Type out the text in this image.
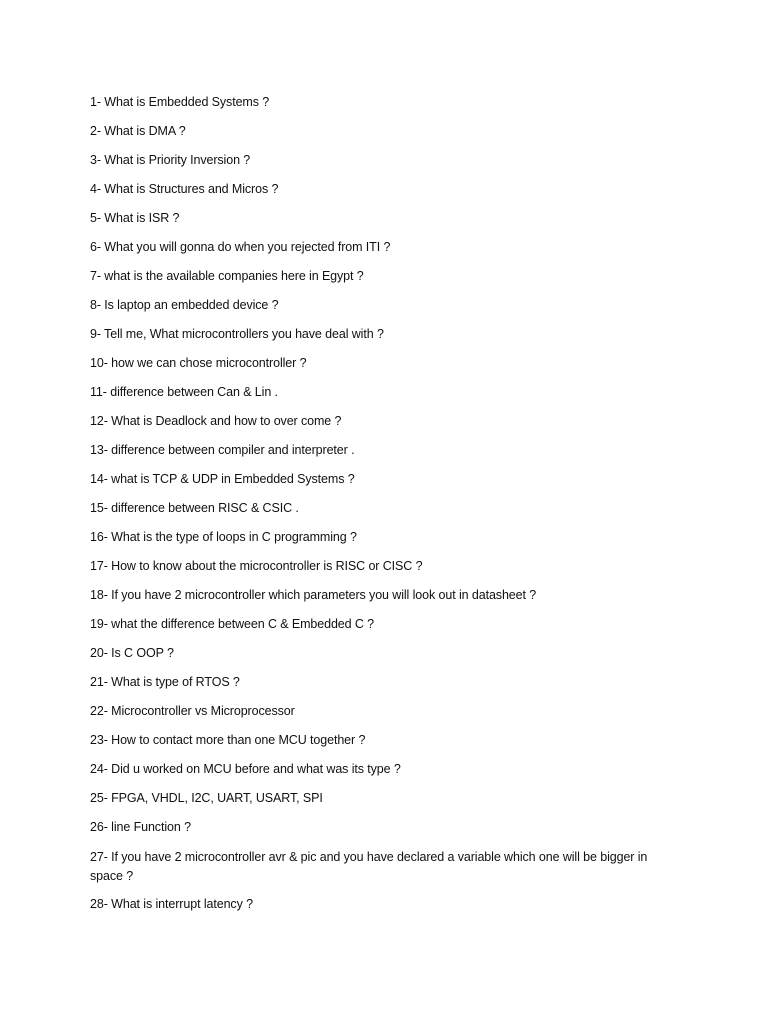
1- What is Embedded Systems ?
2- What is DMA ?
3- What is Priority Inversion ?
4- What is Structures and Micros ?
5- What is ISR ?
6- What you will gonna do when you rejected from ITI ?
7- what is the available companies here in Egypt ?
8- Is laptop an embedded device ?
9- Tell me, What microcontrollers you have deal with ?
10- how we can chose microcontroller ?
11- difference between Can & Lin .
12- What is Deadlock and how to over come ?
13- difference between compiler and interpreter .
14- what is TCP & UDP in Embedded Systems ?
15- difference between RISC & CSIC .
16- What is the type of loops in C programming ?
17- How to know about the microcontroller is RISC or CISC ?
18- If you have 2 microcontroller which parameters you will look out in datasheet ?
19- what the difference between C & Embedded C ?
20- Is C OOP ?
21- What is type of RTOS ?
22- Microcontroller vs Microprocessor
23- How to contact more than one MCU together ?
24- Did u worked on MCU before and what was its type ?
25- FPGA, VHDL, I2C, UART, USART, SPI
26- line Function ?
27- If you have 2 microcontroller avr & pic and you have declared a variable which one will be bigger in space ?
28- What is interrupt latency ?
